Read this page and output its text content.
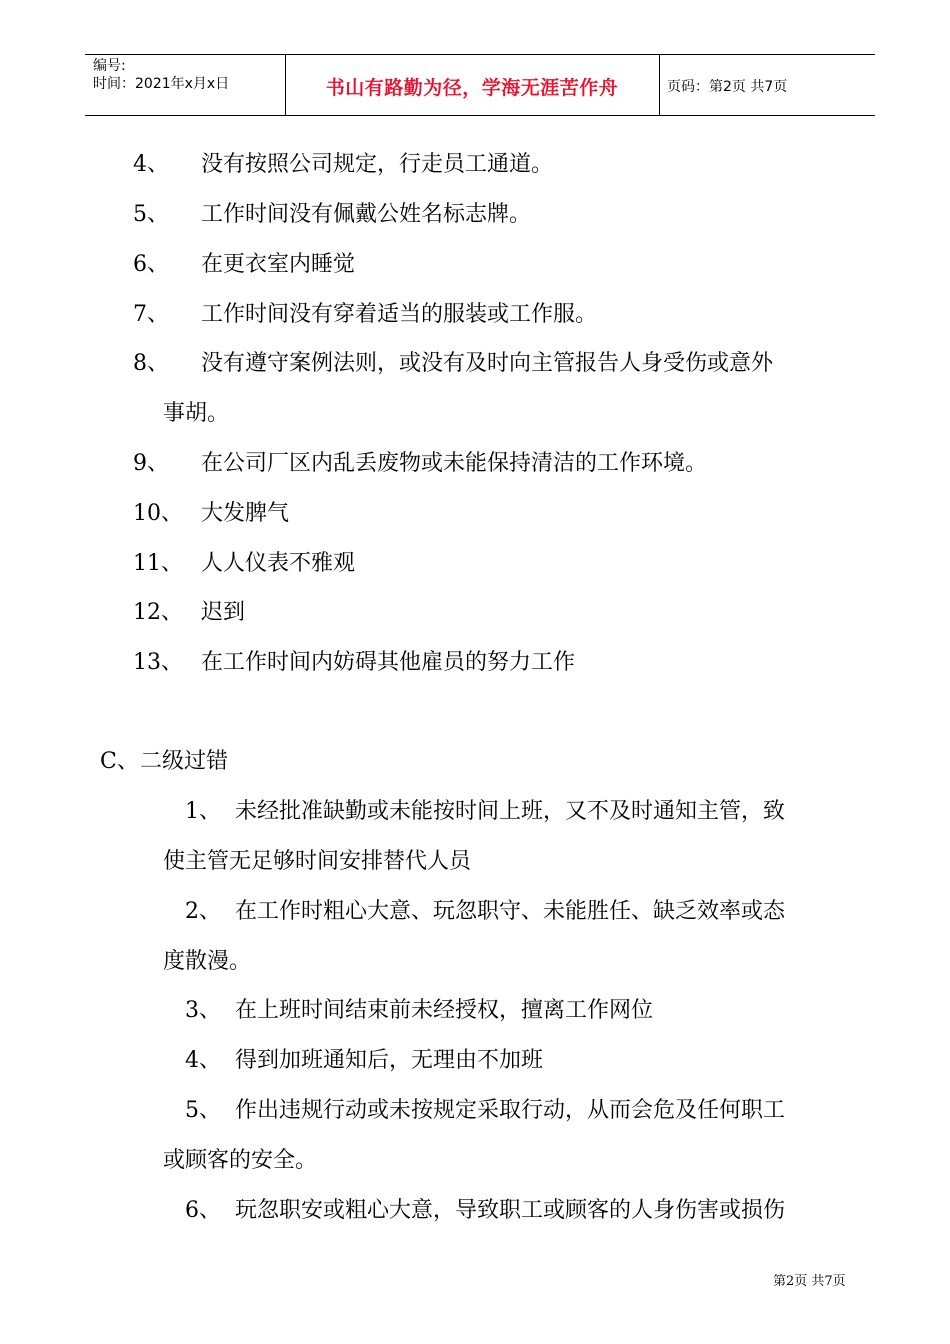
编号:
时间：2021年x月x日	书山有路勤为径，学海无涯苦作舟	页码：第2页 共7页
4、 没有按照公司规定，行走员工通道。
5、 工作时间没有佩戴公姓名标志牌。
6、 在更衣室内睡觉
7、 工作时间没有穿着适当的服装或工作服。
8、 没有遵守案例法则，或没有及时向主管报告人身受伤或意外
事胡。
9、 在公司厂区内乱丢废物或未能保持清洁的工作环境。
10、 大发脾气
11、 人人仪表不雅观
12、 迟到
13、 在工作时间内妨碍其他雇员的努力工作
C、二级过错
1、 未经批准缺勤或未能按时间上班，又不及时通知主管，致
使主管无足够时间安排替代人员
2、 在工作时粗心大意、玩忽职守、未能胜任、缺乏效率或态
度散漫。
3、 在上班时间结束前未经授权，擅离工作网位
4、 得到加班通知后，无理由不加班
5、 作出违规行动或未按规定采取行动，从而会危及任何职工
或顾客的安全。
6、 玩忽职安或粗心大意，导致职工或顾客的人身伤害或损伤
第2页 共7页
